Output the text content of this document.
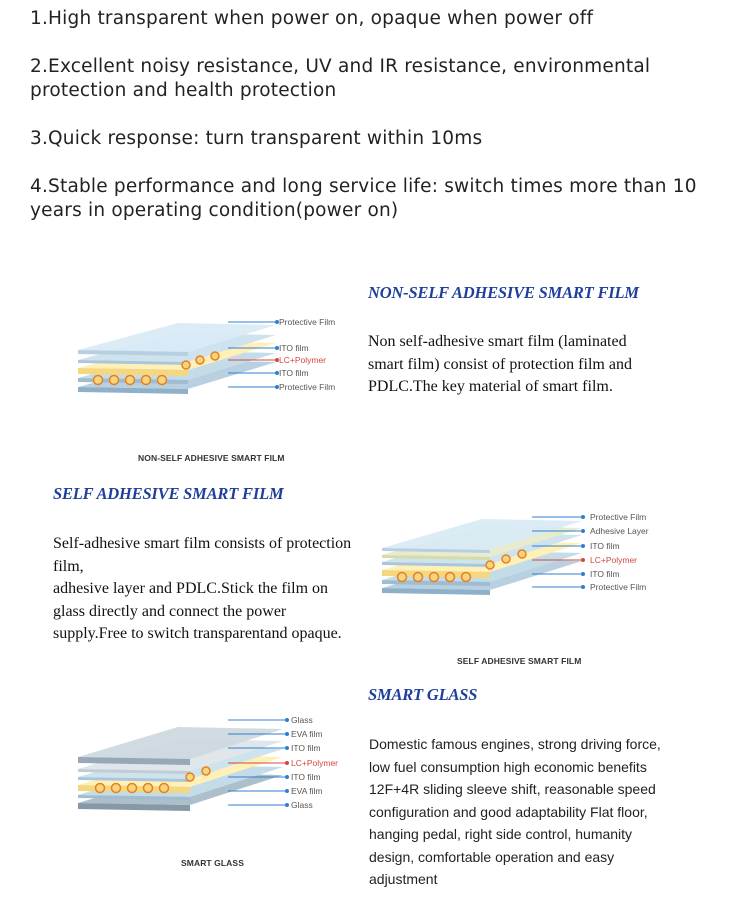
1.High transparent when power on, opaque when power off

2.Excellent noisy resistance, UV and IR resistance, environmental protection and health protection

3.Quick response: turn transparent within 10ms

4.Stable performance and long service life: switch times more than 10 years in operating condition(power on)

Protective Film
ITO film
LC+Polymer
ITO film
Protective Film

NON-SELF ADHESIVE SMART FILM

NON-SELF ADHESIVE SMART FILM

Non self-adhesive smart film (laminated smart film) consist of protection film and PDLC.The key material of smart film.

SELF ADHESIVE SMART FILM
Self-adhesive smart film consists of protection
film,
adhesive layer and PDLC.Stick the film on
glass directly and connect the power
supply.Free to switch transparentand opaque.
Protective Film
Adhesive Layer
ITO film
LC+Polymer
ITO film
Protective Film

SELF ADHESIVE SMART FILM

Glass
EVA film
ITO film
LC+Polymer
ITO film
EVA film
Glass

SMART GLASS

SMART GLASS
Domestic famous engines, strong driving force,
low fuel consumption high economic benefits
12F+4R sliding sleeve shift, reasonable speed
configuration and good adaptability Flat floor,
hanging pedal, right side control, humanity
design, comfortable operation and easy
adjustment
